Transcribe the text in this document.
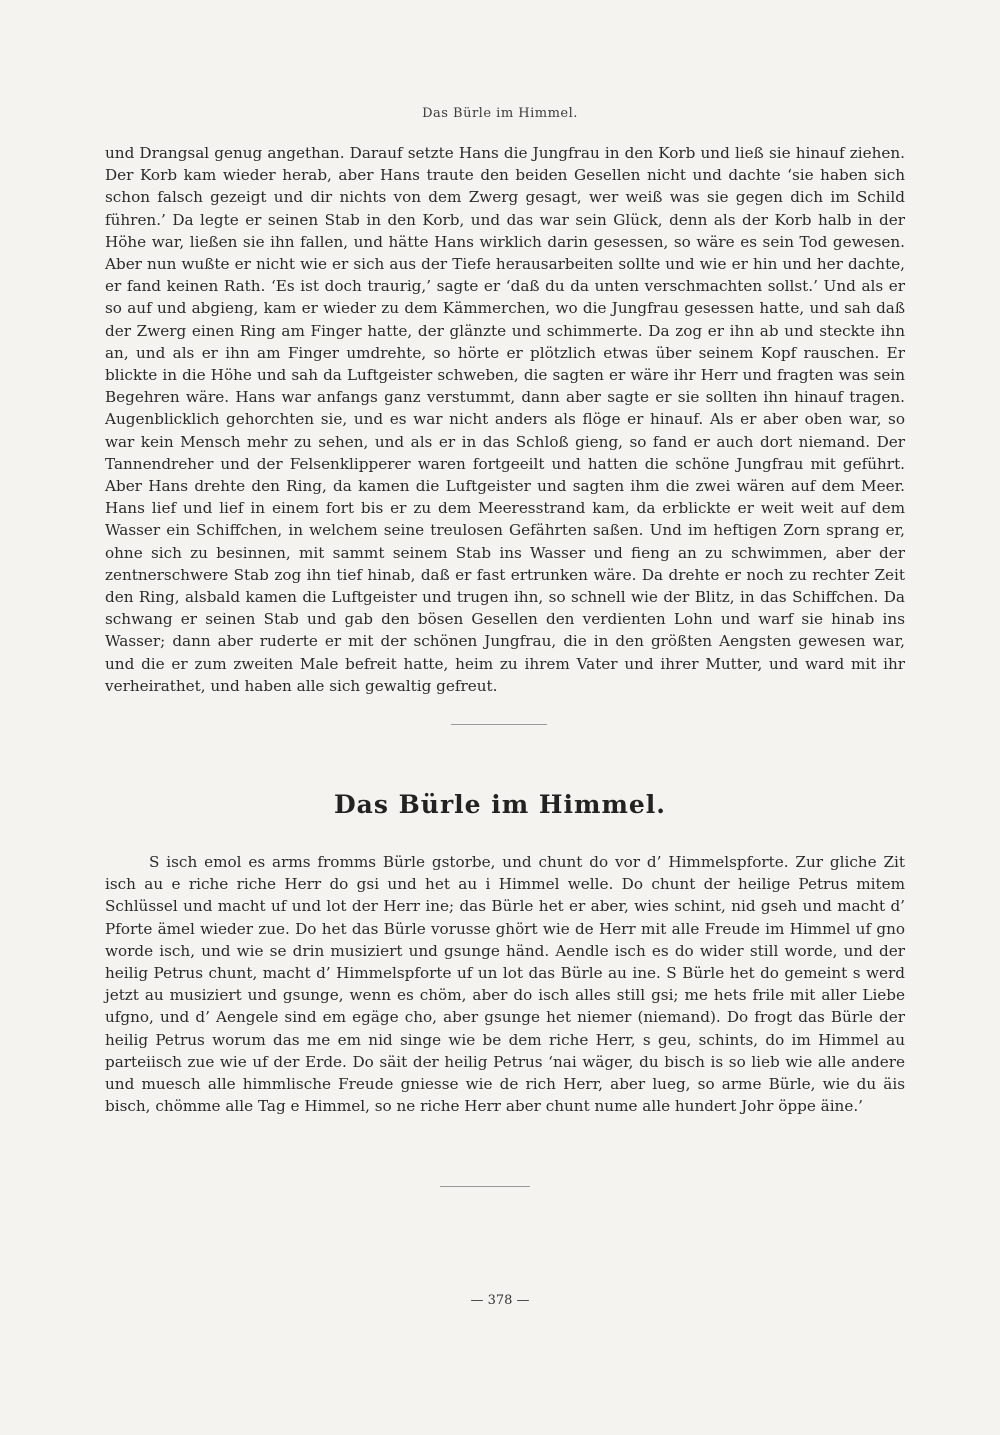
Das Bürle im Himmel.

und Drangsal genug angethan. Darauf setzte Hans die Jungfrau in den Korb und ließ sie hinauf ziehen. Der Korb kam wieder herab, aber Hans traute den beiden Gesellen nicht und dachte ‘sie haben sich schon falsch gezeigt und dir nichts von dem Zwerg gesagt, wer weiß was sie gegen dich im Schild führen.’ Da legte er seinen Stab in den Korb, und das war sein Glück, denn als der Korb halb in der Höhe war, ließen sie ihn fallen, und hätte Hans wirklich darin gesessen, so wäre es sein Tod gewesen. Aber nun wußte er nicht wie er sich aus der Tiefe herausarbeiten sollte und wie er hin und her dachte, er fand keinen Rath. ‘Es ist doch traurig,’ sagte er ‘daß du da unten verschmachten sollst.’ Und als er so auf und abgieng, kam er wieder zu dem Kämmerchen, wo die Jungfrau gesessen hatte, und sah daß der Zwerg einen Ring am Finger hatte, der glänzte und schimmerte. Da zog er ihn ab und steckte ihn an, und als er ihn am Finger umdrehte, so hörte er plötzlich etwas über seinem Kopf rauschen. Er blickte in die Höhe und sah da Luftgeister schweben, die sagten er wäre ihr Herr und fragten was sein Begehren wäre. Hans war anfangs ganz verstummt, dann aber sagte er sie sollten ihn hinauf tragen. Augenblicklich gehorchten sie, und es war nicht anders als flöge er hinauf. Als er aber oben war, so war kein Mensch mehr zu sehen, und als er in das Schloß gieng, so fand er auch dort niemand. Der Tannendreher und der Felsenklipperer waren fortgeeilt und hatten die schöne Jungfrau mit geführt. Aber Hans drehte den Ring, da kamen die Luftgeister und sagten ihm die zwei wären auf dem Meer. Hans lief und lief in einem fort bis er zu dem Meeresstrand kam, da erblickte er weit weit auf dem Wasser ein Schiffchen, in welchem seine treulosen Gefährten saßen. Und im heftigen Zorn sprang er, ohne sich zu besinnen, mit sammt seinem Stab ins Wasser und fieng an zu schwimmen, aber der zentnerschwere Stab zog ihn tief hinab, daß er fast ertrunken wäre. Da drehte er noch zu rechter Zeit den Ring, alsbald kamen die Luftgeister und trugen ihn, so schnell wie der Blitz, in das Schiffchen. Da schwang er seinen Stab und gab den bösen Gesellen den verdienten Lohn und warf sie hinab ins Wasser; dann aber ruderte er mit der schönen Jungfrau, die in den größten Aengsten gewesen war, und die er zum zweiten Male befreit hatte, heim zu ihrem Vater und ihrer Mutter, und ward mit ihr verheirathet, und haben alle sich gewaltig gefreut.

Das Bürle im Himmel.

S isch emol es arms fromms Bürle gstorbe, und chunt do vor d’ Himmelspforte. Zur gliche Zit isch au e riche riche Herr do gsi und het au i Himmel welle. Do chunt der heilige Petrus mitem Schlüssel und macht uf und lot der Herr ine; das Bürle het er aber, wies schint, nid gseh und macht d’ Pforte ämel wieder zue. Do het das Bürle vorusse ghört wie de Herr mit alle Freude im Himmel uf gno worde isch, und wie se drin musiziert und gsunge händ. Aendle isch es do wider still worde, und der heilig Petrus chunt, macht d’ Himmelspforte uf un lot das Bürle au ine. S Bürle het do gemeint s werd jetzt au musiziert und gsunge, wenn es chöm, aber do isch alles still gsi; me hets frile mit aller Liebe ufgno, und d’ Aengele sind em egäge cho, aber gsunge het niemer (niemand). Do frogt das Bürle der heilig Petrus worum das me em nid singe wie be dem riche Herr, s geu, schints, do im Himmel au parteiisch zue wie uf der Erde. Do säit der heilig Petrus ‘nai wäger, du bisch is so lieb wie alle andere und muesch alle himmlische Freude gniesse wie de rich Herr, aber lueg, so arme Bürle, wie du äis bisch, chömme alle Tag e Himmel, so ne riche Herr aber chunt nume alle hundert Johr öppe äine.’

— 378 —
